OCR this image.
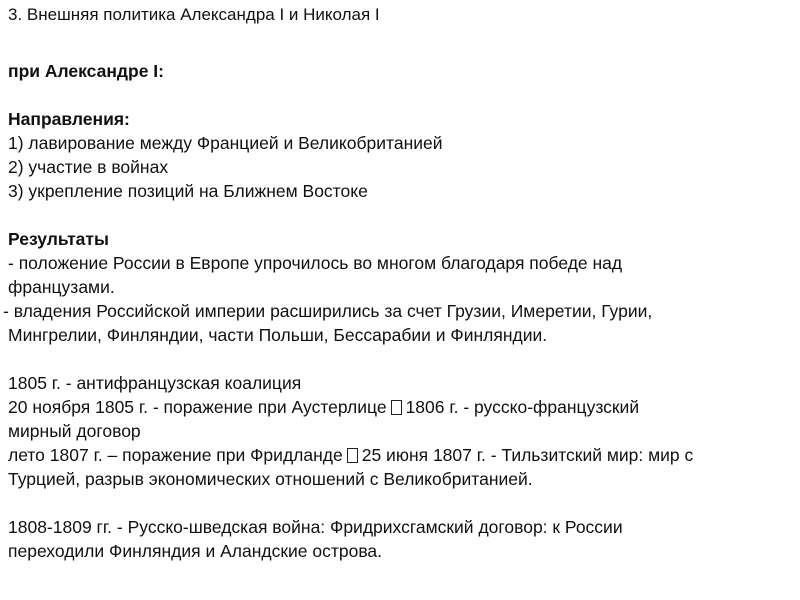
3. Внешняя политика Александра I и Николая I
при Александре I:
Направления:
1) лавирование между Францией и Великобританией
2) участие в войнах
3) укрепление позиций на Ближнем Востоке
Результаты
- положение России в Европе упрочилось во многом благодаря победе над
французами.
- владения Российской империи расширились за счет Грузии, Имеретии, Гурии,
Мингрелии, Финляндии, части Польши, Бессарабии и Финляндии.
1805 г. - антифранцузская коалиция
20 ноября 1805 г. - поражение при Аустерлице 1806 г. - русско-французский
мирный договор
лето 1807 г. – поражение при Фридланде 25 июня 1807 г. - Тильзитский мир: мир с
Турцией, разрыв экономических отношений с Великобританией.
1808-1809 гг. - Русско-шведская война: Фридрихсгамский договор: к России
переходили Финляндия и Аландские острова.
